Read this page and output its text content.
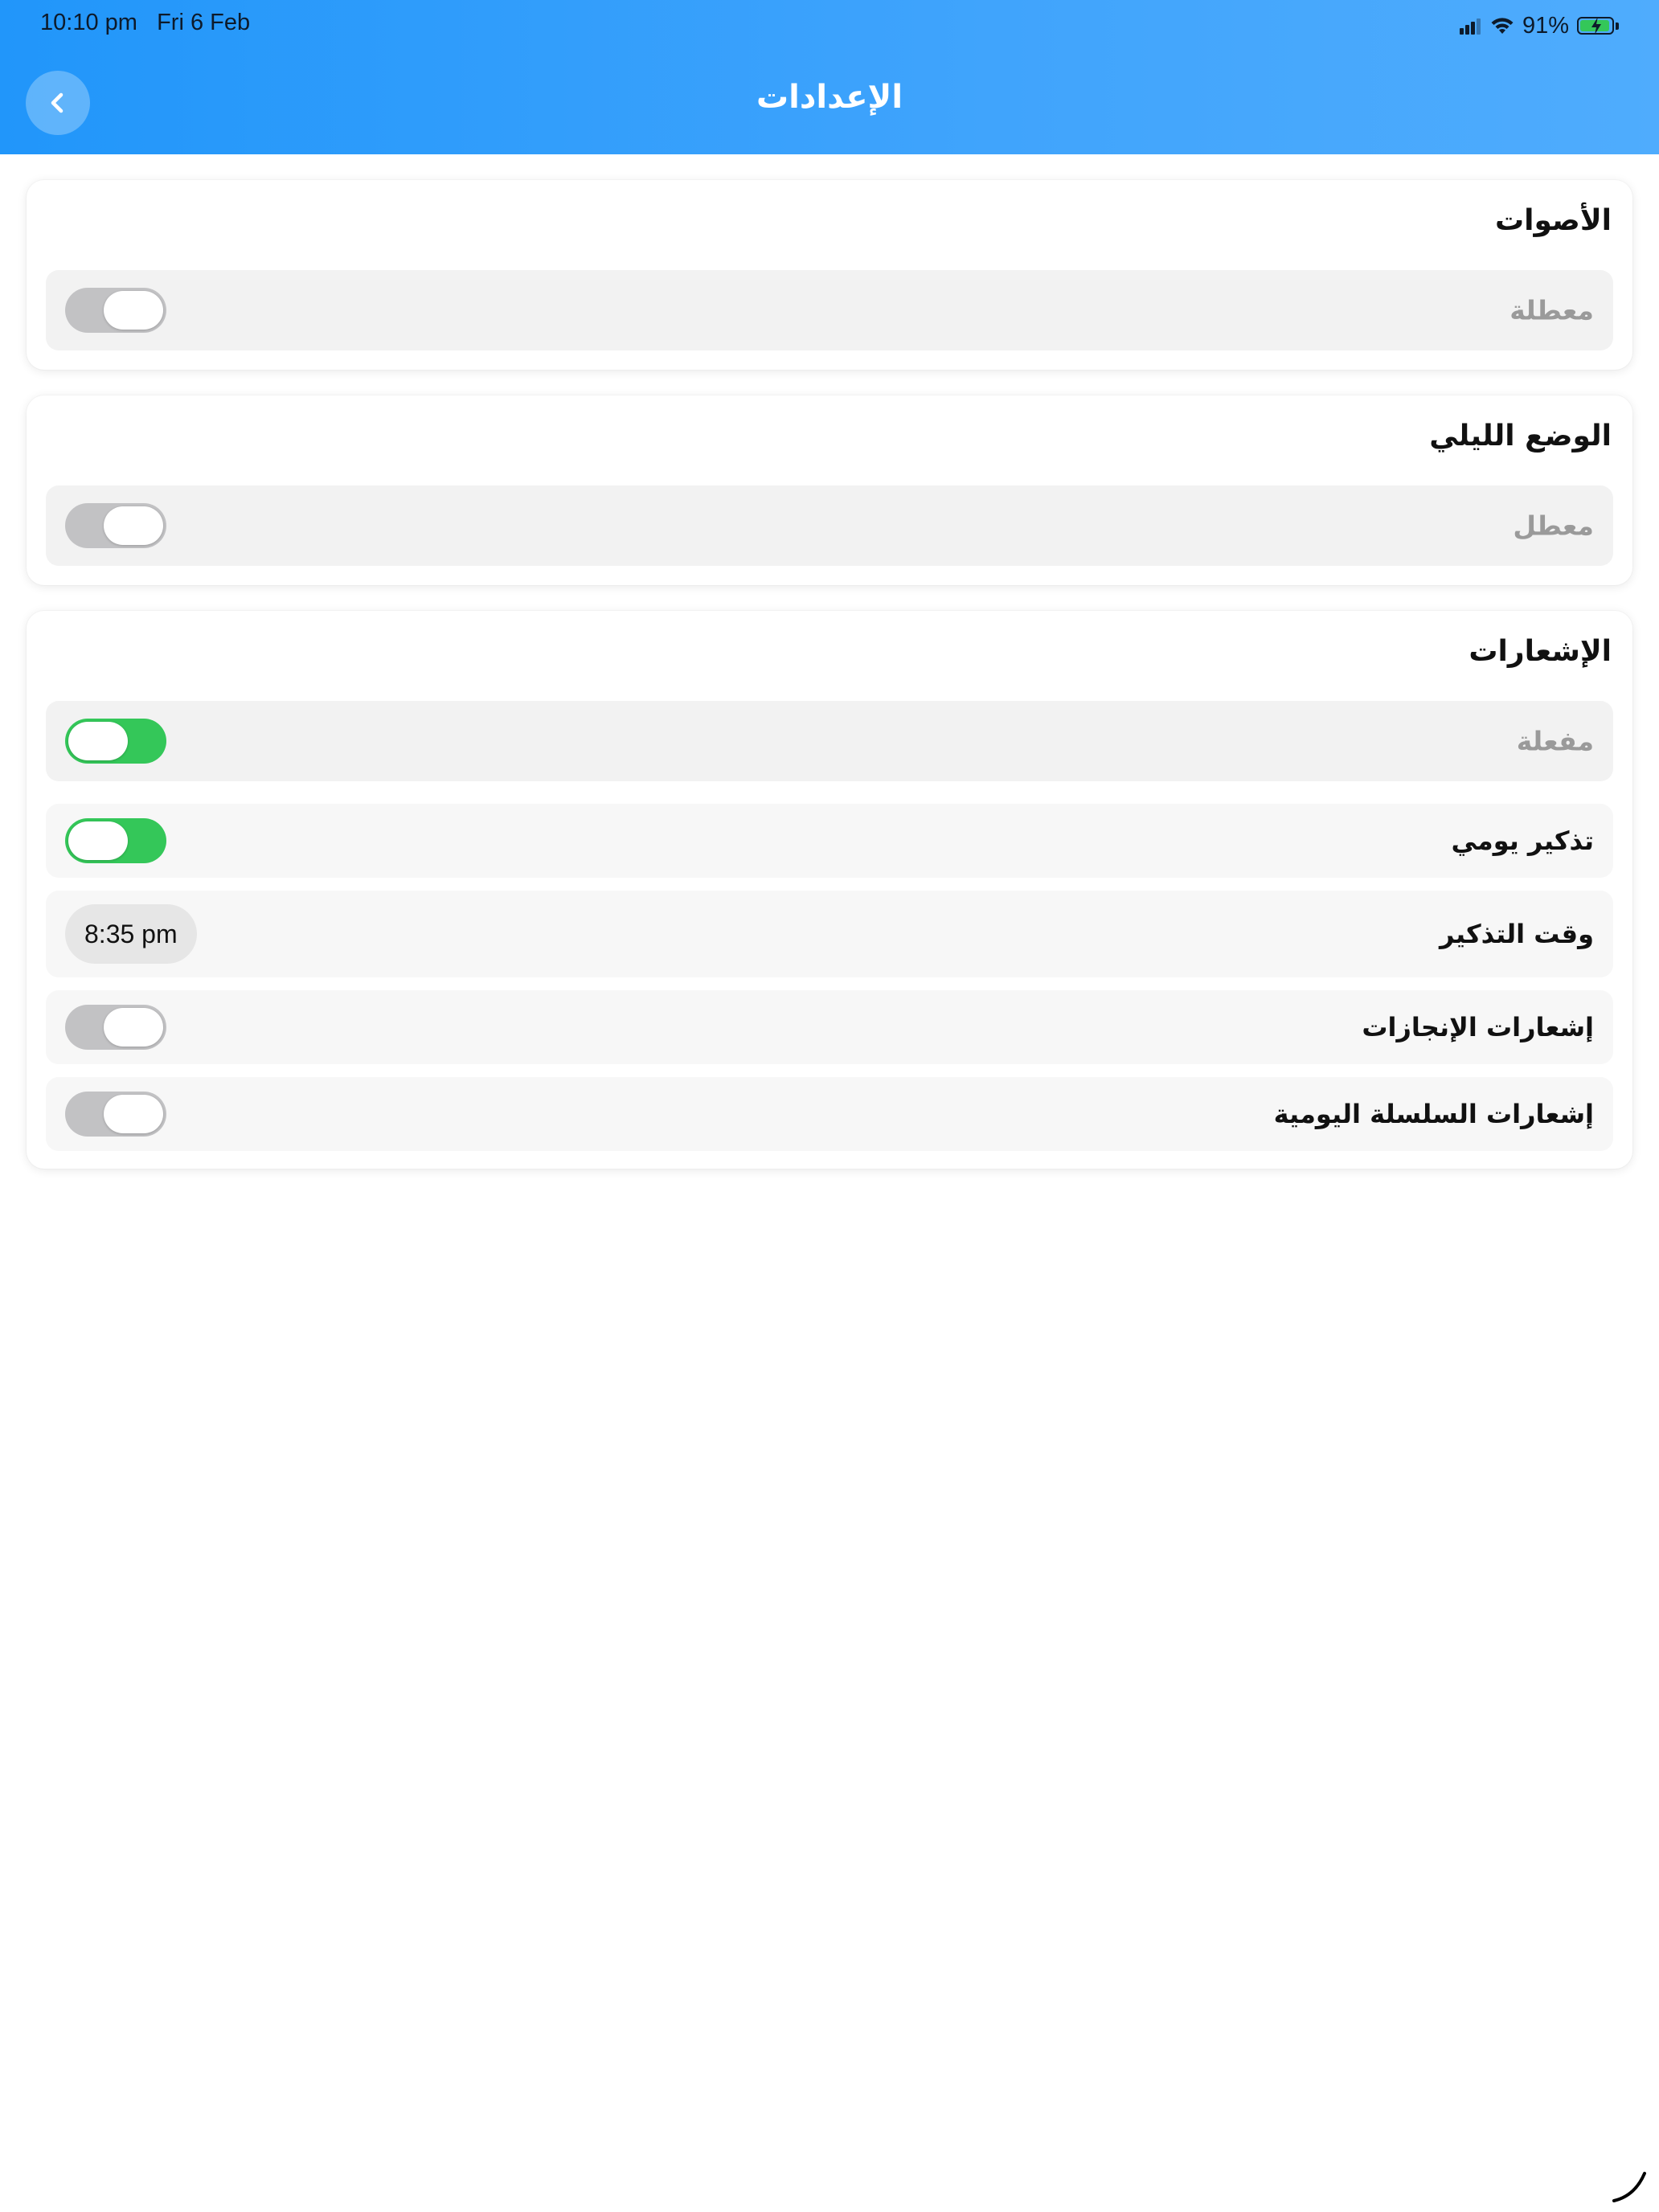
10:10 pm Fri 6 Feb	91%
الإعدادات
الأصوات
معطلة
الوضع الليلي
معطل
الإشعارات
مفعلة
تذكير يومي
وقت التذكير
8:35 pm
إشعارات الإنجازات
إشعارات السلسلة اليومية
